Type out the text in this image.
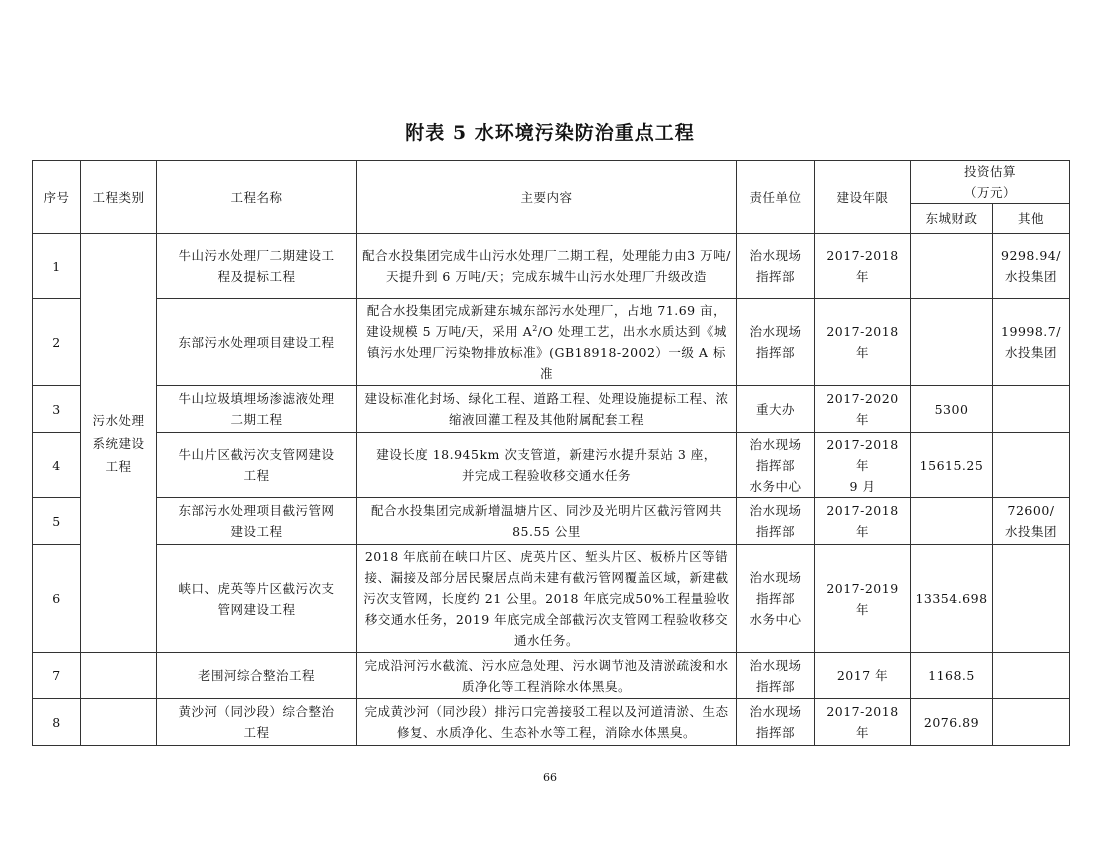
附表 5 水环境污染防治重点工程
序号	工程类别	工程名称	主要内容	责任单位	建设年限	投资估算
（万元）	
						东城财政	其他
1	污水处理
系统建设
工程	牛山污水处理厂二期建设工
程及提标工程	配合水投集团完成牛山污水处理厂二期工程，处理能力由3 万吨/天提升到 6 万吨/天；完成东城牛山污水处理厂升级改造	治水现场
指挥部	2017-2018 年		9298.94/
水投集团
2		东部污水处理项目建设工程	配合水投集团完成新建东城东部污水处理厂，占地 71.69 亩，建设规模 5 万吨/天，采用 $A^2/O$ 处理工艺，出水水质达到《城镇污水处理厂污染物排放标准》(GB18918-2002）一级 A 标准	治水现场
指挥部	2017-2018 年		19998.7/
水投集团
3		牛山垃圾填埋场渗滤液处理
二期工程	建设标准化封场、绿化工程、道路工程、处理设施提标工程、浓缩液回灌工程及其他附属配套工程	重大办	2017-2020 年	5300	
4		牛山片区截污次支管网建设
工程	建设长度 18.945km 次支管道，新建污水提升泵站 3 座，
并完成工程验收移交通水任务	治水现场
指挥部
水务中心	2017-2018 年
9 月	15615.25	
5		东部污水处理项目截污管网
建设工程	配合水投集团完成新增温塘片区、同沙及光明片区截污管网共 85.55 公里	治水现场
指挥部	2017-2018 年		72600/
水投集团
6		峡口、虎英等片区截污次支
管网建设工程	2018 年底前在峡口片区、虎英片区、堑头片区、板桥片区等错接、漏接及部分居民聚居点尚未建有截污管网覆盖区域，新建截污次支管网，长度约 21 公里。2018 年底完成50%工程量验收移交通水任务，2019 年底完成全部截污次支管网工程验收移交通水任务。	治水现场
指挥部
水务中心	2017-2019 年	13354.698	
7		老围河综合整治工程	完成沿河污水截流、污水应急处理、污水调节池及清淤疏浚和水质净化等工程消除水体黑臭。	治水现场
指挥部	2017 年	1168.5	
8		黄沙河（同沙段）综合整治
工程	完成黄沙河（同沙段）排污口完善接驳工程以及河道清淤、生态修复、水质净化、生态补水等工程，消除水体黑臭。	治水现场
指挥部	2017-2018 年	2076.89	
66
